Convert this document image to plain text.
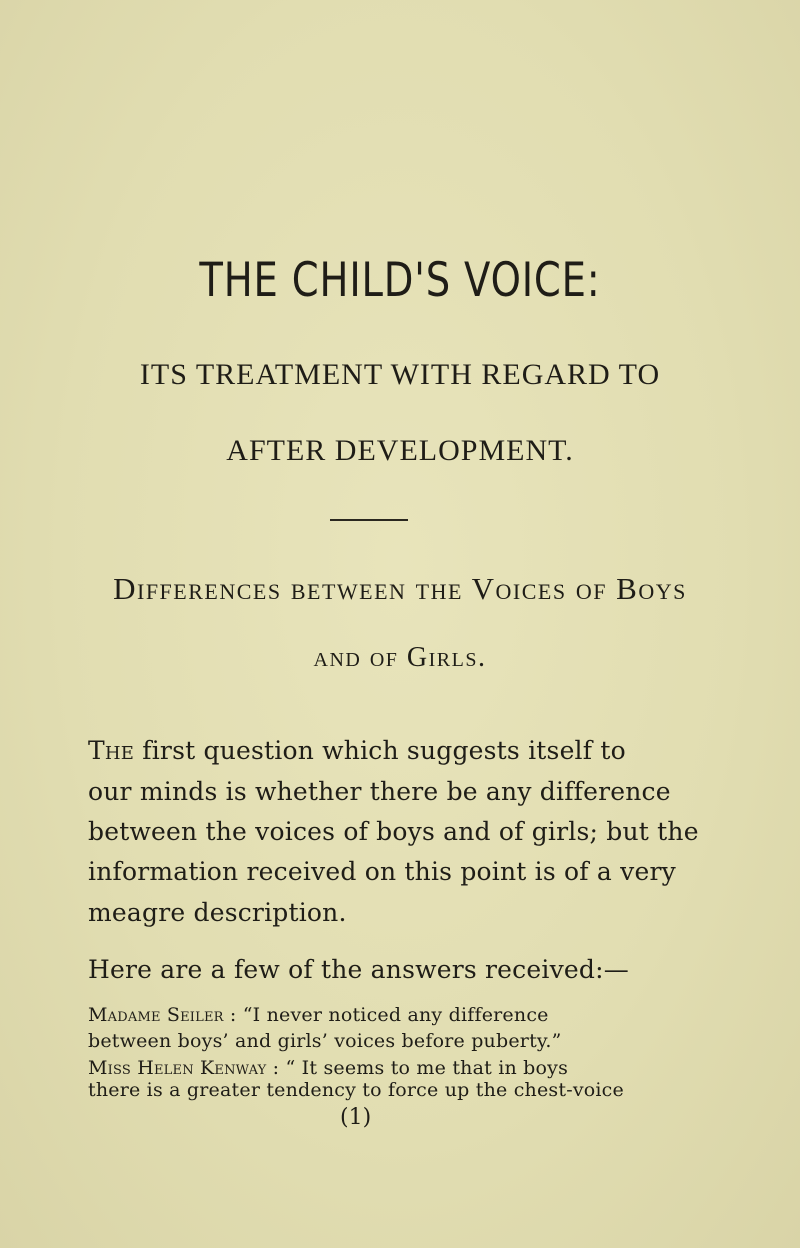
THE CHILD'S VOICE:

ITS TREATMENT WITH REGARD TO

AFTER DEVELOPMENT.

Differences between the Voices of Boys

and of Girls.

The first question which suggests itself to
our minds is whether there be any difference
between the voices of boys and of girls; but the
information received on this point is of a very
meagre description.
Here are a few of the answers received:—
Madame Seiler : “I never noticed any difference
between boys’ and girls’ voices before puberty.”
Miss Helen Kenway : “ It seems to me that in boys
there is a greater tendency to force up the chest-voice
(1)
